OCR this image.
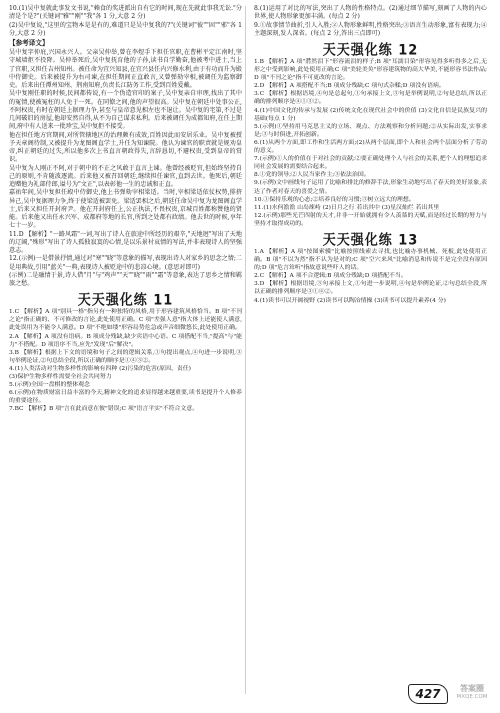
10.(1)吴中复就此事发文书说,"赖食的奖进派出自有它的时间,现在先就此事我无讼."分清是个是?"(关键词"雅""刚""我"各 1 分,大意 2 分)
(2)吴中复说,"这里的宝物本是是有的,难道只是吴中复我的?"(关键词"彼""固""邪"各 1 分,大意 2 分)

【参考译文】

吴中复字仲庇,兴国永兴人。父亲吴仲举,曾在李煜手下担任官职,在曹彬平定江南时,坚守城墙拒不投降。吴仲举死后,吴中复抚育他的子孙,读书自学勤奋,他被考中进士,当上了官职,又担任吉州知州。被任命为宜兴知县,在宜兴县任内兴修水利,由于有功而升为殿中侍御史。后来被提升为右司谏,在担任期间正直敢言,又曾弹劾宰相,被调任为监察御史。后来出任潭州知州、荆南知府,负责长江防务工作,受到百姓爱戴。

吴中复刚任职的时候,民间都传说,有一个伪造官印的案子,吴中复亲自审理,找出了其中的冤情,使被冤枉的人免于一死。在同僚之间,他的声望很高。吴中复在朝廷中处事公正,不阿权贵,有时在朝廷上据理力争,甚至与皇帝意见相左也不退让。吴中复的宅第,不过是几间破旧的房屋,他却安然自得,从不为自己谋求私利。后来被调任为成都知府,在任上期间,府中有人送来一批珍宝,吴中复拒不接受。

他在担任地方官期间,对所管辖地区的治理颇有成效,百姓因此而安居乐业。吴中复被授予天章阁待制,又被提升为龙图阁直学士,升任为知谏院。他认为谏官的职责就是规劝皇帝,纠正朝廷的过失,所以他多次上书直言朝政得失,言辞恳切,不避权贵,受到皇帝的赏识。

吴中复为人刚正不阿,对于朝中的不正之风敢于直言上谏。他曾经被贬官,但始终坚持自己的原则,不肯随波逐流。后来他又被召回朝廷,继续担任谏官,直到去世。他死后,朝廷追赠他为礼部侍郎,谥号为"文正",以表彰他一生的忠诚和正直。

嘉祐年间,吴中复担任殿中侍御史,他上书弹劾宰相梁适。当时,宰相梁适依仗权势,排挤异己,吴中复据理力争,终于使梁适被罢免。梁适罢相之后,朝廷任命吴中复为龙图阁直学士,后来又担任开封府尹。他在开封府任上,公正执法,不畏权贵,京城百姓都称赞他的贤能。后来他又出任永兴军、成都府等地的长官,所到之处都有政绩。他去世的时候,享年七十一岁。

11.D 【解析】"一路风霜"一词,写出了诗人在旅途中所经历的艰辛,"天地迥"写出了天地的辽阔,"殊形"写出了诗人孤独寂寞的心情,是以乐景衬哀情的写法,并非表现诗人的坚强意志。
12.(示例)一是借景抒情,通过对"寒""晓"等意象的描写,表现出诗人对家乡的思念之情;二是用典故,引用"蓝关"一典,表现诗人被贬途中的悲凉心境。(意思对即可)
(示例)二是融情于景,诗人借"月"与"鸡声""天""晓""雨""霜"等意象,表达了思乡之情和羁旅之愁。

天天强化练 11

1.C 【解析】A 项"别具一格"指另有一种独特的风格,用于形容建筑风格恰当。B 项"不刊之论"指正确的、不可修改的言论,此处使用正确。C 项"差强人意"指大体上还能使人满意,此处误用为不能令人满意。D 项"不绝如缕"形容局势危急或声音细微悠长,此处使用正确。
2.A 【解析】A 项没有语病。B 项成分残缺,缺少宾语中心语。C 项搭配不当,"提高"与"能力"不搭配。D 项语序不当,应先"发现"后"解决"。
3.B 【解析】根据上下文的语境和句子之间的逻辑关系,①句提出观点,④句进一步说明,③句举例论证,②句总结全段,所以正确的顺序是①④③②。
4.(1)人类活动对生物多样性的影响有四种 (2)污染的危害(原因、责任)
(3)保护生物多样性需要全社会共同努力
5.(示例)全国一盘棋的整体观念
6.(示例)在物质财富日益丰富的今天,精神文化的追求显得越来越重要,读书是提升个人修养的重要途径。
7.BC 【解析】B 项"言在此而意在彼"错误;C 项"语言平实"不符合文意。

8.(1)运用了对比的写法,突出了人物的性格特点。(2)通过细节描写,刻画了人物的内心世界,使人物形象更加丰满。(每点 2 分)
9.①故事情节曲折,引人入胜;②人物形象鲜明,性格突出;③语言生动形象,富有表现力;④主题深刻,发人深省。(每点 2 分,答出三点即可)

天天强化练 12

1.B 【解析】A 项"潸然泪下"形容流泪的样子;B 项"耳濡目染"形容见得多听得多之后,无形之中受到影响,此处使用正确;C 项"美轮美奂"形容建筑物的高大华美,不能形容书法作品;D 项"不刊之论"指不可更改的言论。
2.D 【解析】A 项搭配不当;B 项成分残缺;C 项句式杂糅;D 项没有语病。
3.C 【解析】根据语境,④句是总起句,①句承接上文,③句是举例说明,②句是总结,所以正确的排列顺序是④①③②。
4.(1)中国文化的传承与发展 (2)传统文化在现代社会中的价值 (3)文化自信是民族复兴的基础(每点 1 分)
5.(示例)①坚持用马克思主义的立场、观点、方法观察和分析问题;②从实际出发,实事求是;③与时俱进,开拓创新。

6.(1)从两个方面,即工作和生活两方面;(2)从两个层面,即个人和社会两个层面分析了劳动的意义。
7.(示例)①人的价值在于对社会的贡献;②要正确处理个人与社会的关系,把个人的理想追求同社会发展的需要结合起来。
8.①党的领导;②人民当家作主;③依法治国。
9.(示例)文中画线句子运用了比喻和排比的修辞手法,形象生动地写出了春天的美好景象,表达了作者对春天的喜爱之情。

10.①保持乐观的心态;②培养良好的习惯;③树立远大的理想。
11.(1)水何澹澹 山岛竦峙 (2)日月之行 若出其中 (3)星汉灿烂 若出其里
12.(示例)那些光芒四射的天才,并非一开始就拥有令人羡慕的天赋,而是经过长期的努力与坚持才取得成功的。

天天强化练 13

1.A 【解析】A 项"按图索骥"比喻按照线索去寻找,也比喻办事机械、死板,此处使用正确。B 项"不以为然"指不认为是对的;C 项"空穴来风"比喻消息和传说不是完全没有原因的;D 项"危言耸听"指故意说些吓人的话。
2.C 【解析】A 项不合逻辑;B 项成分残缺;D 项搭配不当。
3.D 【解析】根据语境,③句承接上文,①句进一步说明,④句是举例论证,②句总结全段,所以正确的排列顺序是③①④②。
4.(1)读书可以开阔视野 (2)读书可以陶冶情操 (3)读书可以提升素养(4 分)

427	答案圈
MXQE.COM
